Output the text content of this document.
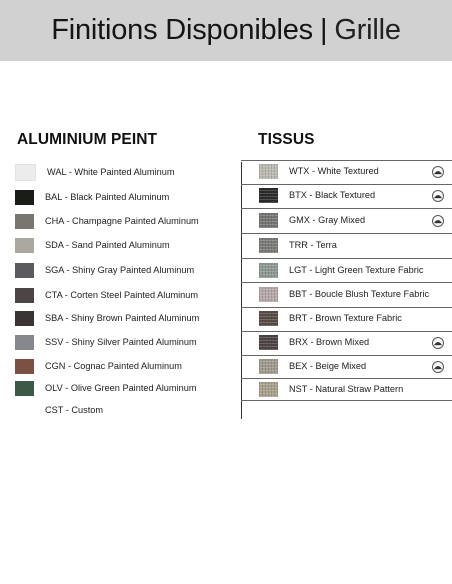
Finitions Disponibles | Grille
ALUMINIUM PEINT	TISSUS
WAL - White Painted Aluminum
BAL - Black Painted Aluminum
CHA - Champagne Painted Aluminum
SDA - Sand Painted Aluminum
SGA - Shiny Gray Painted Aluminum
CTA - Corten Steel Painted Aluminum
SBA - Shiny Brown Painted Aluminum
SSV - Shiny Silver Painted Aluminum
CGN - Cognac Painted Aluminum
OLV - Olive Green Painted Aluminum
CST - Custom
WTX - White Textured
BTX - Black Textured
GMX - Gray Mixed
TRR - Terra
LGT - Light Green Texture Fabric
BBT - Boucle Blush Texture Fabric
BRT - Brown Texture Fabric
BRX - Brown Mixed
BEX - Beige Mixed
NST - Natural Straw Pattern
